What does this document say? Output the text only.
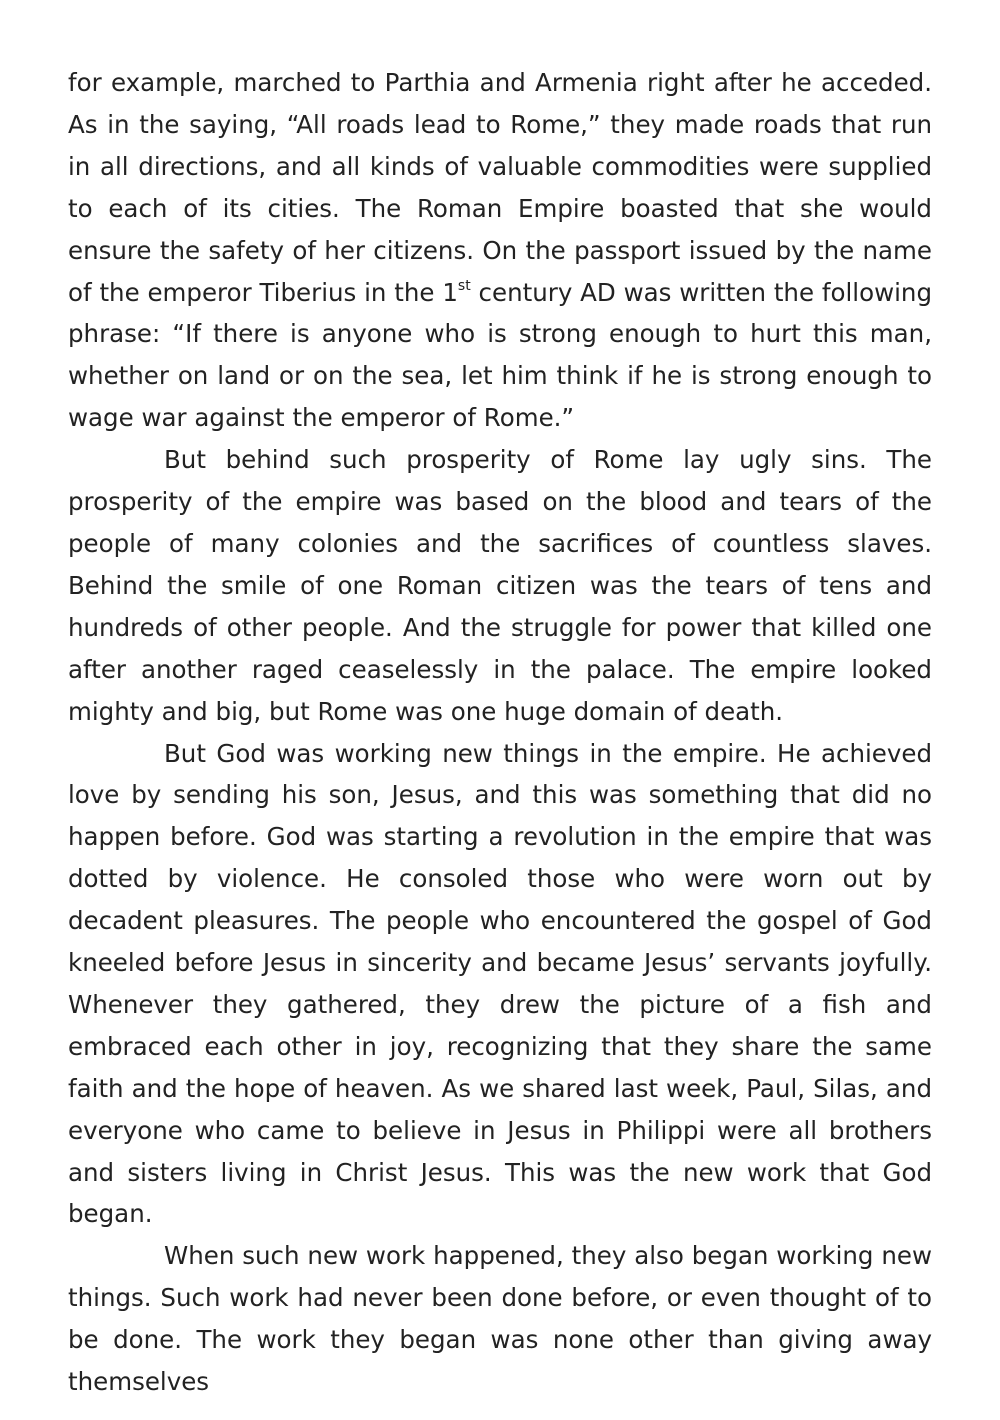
for example, marched to Parthia and Armenia right after he acceded. As in the saying, “All roads lead to Rome,” they made roads that run in all directions, and all kinds of valuable commodities were supplied to each of its cities. The Roman Empire boasted that she would ensure the safety of her citizens. On the passport issued by the name of the emperor Tiberius in the 1st century AD was written the following phrase: “If there is anyone who is strong enough to hurt this man, whether on land or on the sea, let him think if he is strong enough to wage war against the emperor of Rome.”

But behind such prosperity of Rome lay ugly sins. The prosperity of the empire was based on the blood and tears of the people of many colonies and the sacrifices of countless slaves. Behind the smile of one Roman citizen was the tears of tens and hundreds of other people. And the struggle for power that killed one after another raged ceaselessly in the palace. The empire looked mighty and big, but Rome was one huge domain of death.

But God was working new things in the empire. He achieved love by sending his son, Jesus, and this was something that did no happen before. God was starting a revolution in the empire that was dotted by violence. He consoled those who were worn out by decadent pleasures. The people who encountered the gospel of God kneeled before Jesus in sincerity and became Jesus’ servants joyfully. Whenever they gathered, they drew the picture of a fish and embraced each other in joy, recognizing that they share the same faith and the hope of heaven. As we shared last week, Paul, Silas, and everyone who came to believe in Jesus in Philippi were all brothers and sisters living in Christ Jesus. This was the new work that God began.

When such new work happened, they also began working new things. Such work had never been done before, or even thought of to be done. The work they began was none other than giving away themselves
